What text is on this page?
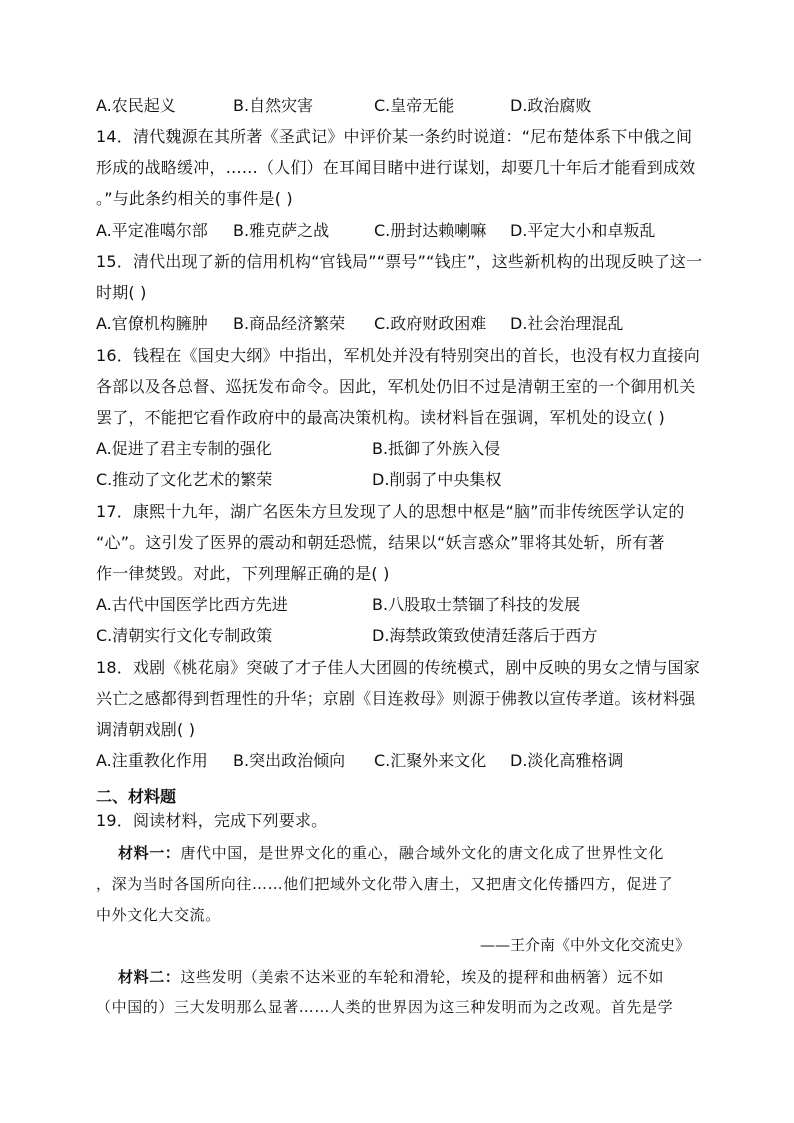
A.农民起义	B.自然灾害	C.皇帝无能	D.政治腐败
14．清代魏源在其所著《圣武记》中评价某一条约时说道：“尼布楚体系下中俄之间
形成的战略缓冲，……（人们）在耳闻目睹中进行谋划，却要几十年后才能看到成效
。”与此条约相关的事件是( )
A.平定准噶尔部 B.雅克萨之战	C.册封达赖喇嘛 D.平定大小和卓叛乱
15．清代出现了新的信用机构“官钱局”“票号”“钱庄”，这些新机构的出现反映了这一
时期( )
A.官僚机构臃肿 B.商品经济繁荣 C.政府财政困难 D.社会治理混乱
16．钱程在《国史大纲》中指出，军机处并没有特别突出的首长，也没有权力直接向
各部以及各总督、巡抚发布命令。因此，军机处仍旧不过是清朝王室的一个御用机关
罢了，不能把它看作政府中的最高决策机构。读材料旨在强调，军机处的设立( )
A.促进了君主专制的强化	B.抵御了外族入侵
C.推动了文化艺术的繁荣	D.削弱了中央集权
17．康熙十九年，湖广名医朱方旦发现了人的思想中枢是“脑”而非传统医学认定的
“心”。这引发了医界的震动和朝廷恐慌，结果以“妖言惑众”罪将其处斩，所有著
作一律焚毁。对此，下列理解正确的是( )
A.古代中国医学比西方先进	B.八股取士禁锢了科技的发展
C.清朝实行文化专制政策	D.海禁政策致使清廷落后于西方
18．戏剧《桃花扇》突破了才子佳人大团圆的传统模式，剧中反映的男女之情与国家
兴亡之感都得到哲理性的升华；京剧《目连救母》则源于佛教以宣传孝道。该材料强
调清朝戏剧( )
A.注重教化作用 B.突出政治倾向 C.汇聚外来文化 D.淡化高雅格调
二、材料题
19．阅读材料，完成下列要求。
材料一：唐代中国，是世界文化的重心，融合域外文化的唐文化成了世界性文化
，深为当时各国所向往……他们把域外文化带入唐土，又把唐文化传播四方，促进了
中外文化大交流。
——王介南《中外文化交流史》
材料二：这些发明（美索不达米亚的车轮和滑轮，埃及的提秤和曲柄箸）远不如
（中国的）三大发明那么显著……人类的世界因为这三种发明而为之改观。首先是学
